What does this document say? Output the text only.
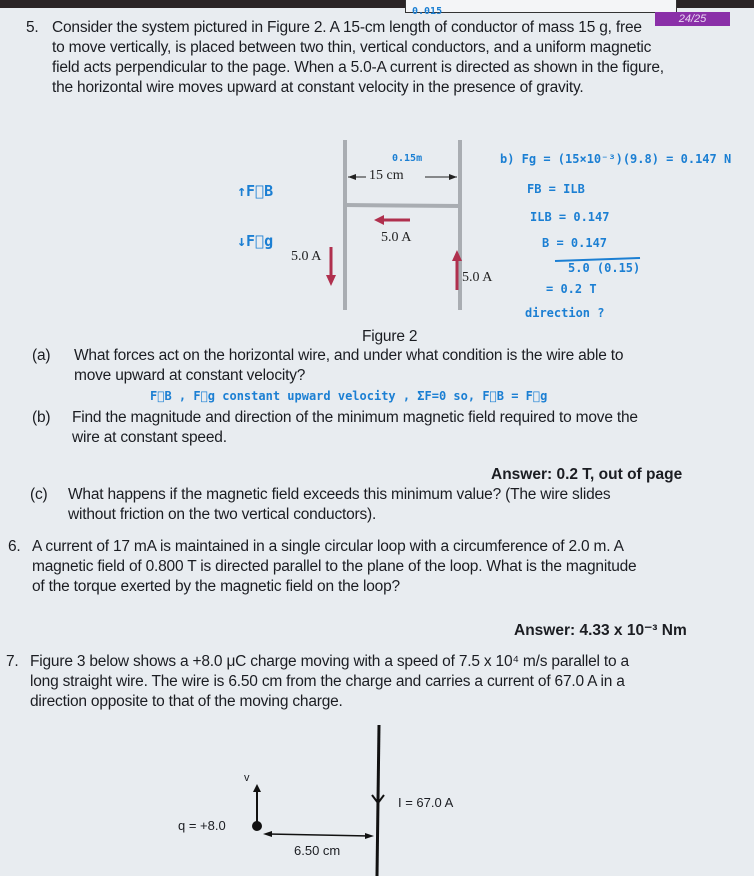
24/25
5. Consider the system pictured in Figure 2. A 15-cm length of conductor of mass 15 g, free
to move vertically, is placed between two thin, vertical conductors, and a uniform magnetic
field acts perpendicular to the page. When a 5.0-A current is directed as shown in the figure,
the horizontal wire moves upward at constant velocity in the presence of gravity.
0.015
15 cm
0.15m
5.0 A
5.0 A
5.0 A
↑F⃗B
↓F⃗g
b) Fg = (15×10⁻³)(9.8) = 0.147 N
FB = ILB
ILB = 0.147
B = 0.147
5.0 (0.15)
= 0.2 T
direction ?
Figure 2
(a) What forces act on the horizontal wire, and under what condition is the wire able to
move upward at constant velocity?
F⃗B , F⃗g constant upward velocity , ΣF=0 so, F⃗B = F⃗g
(b) Find the magnitude and direction of the minimum magnetic field required to move the
wire at constant speed.
Answer: 0.2 T, out of page
(c) What happens if the magnetic field exceeds this minimum value? (The wire slides
without friction on the two vertical conductors).
6. A current of 17 mA is maintained in a single circular loop with a circumference of 2.0 m. A
magnetic field of 0.800 T is directed parallel to the plane of the loop. What is the magnitude
of the torque exerted by the magnetic field on the loop?
Answer: 4.33 x 10⁻³ Nm
7. Figure 3 below shows a +8.0 μC charge moving with a speed of 7.5 x 10⁴ m/s parallel to a
long straight wire. The wire is 6.50 cm from the charge and carries a current of 67.0 A in a
direction opposite to that of the moving charge.
v
q = +8.0
I = 67.0 A
6.50 cm
